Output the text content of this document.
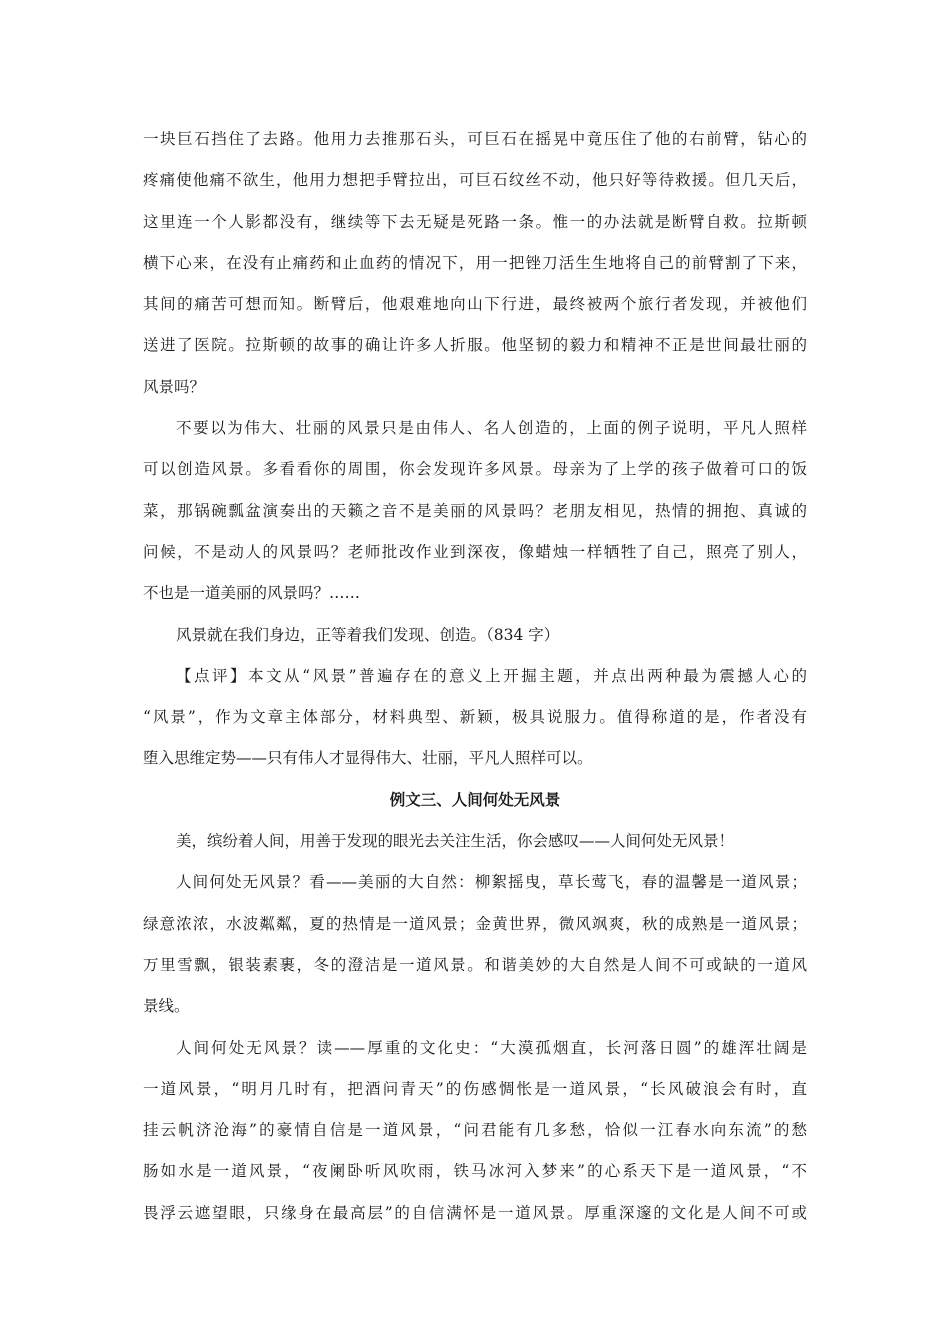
一块巨石挡住了去路。他用力去推那石头，可巨石在摇晃中竟压住了他的右前臂，钻心的
疼痛使他痛不欲生，他用力想把手臂拉出，可巨石纹丝不动，他只好等待救援。但几天后，
这里连一个人影都没有，继续等下去无疑是死路一条。惟一的办法就是断臂自救。拉斯顿
横下心来，在没有止痛药和止血药的情况下，用一把锉刀活生生地将自己的前臂割了下来，
其间的痛苦可想而知。断臂后，他艰难地向山下行进，最终被两个旅行者发现，并被他们
送进了医院。拉斯顿的故事的确让许多人折服。他坚韧的毅力和精神不正是世间最壮丽的
风景吗？
不要以为伟大、壮丽的风景只是由伟人、名人创造的，上面的例子说明，平凡人照样
可以创造风景。多看看你的周围，你会发现许多风景。母亲为了上学的孩子做着可口的饭
菜，那锅碗瓢盆演奏出的天籁之音不是美丽的风景吗？老朋友相见，热情的拥抱、真诚的
问候，不是动人的风景吗？老师批改作业到深夜，像蜡烛一样牺牲了自己，照亮了别人，
不也是一道美丽的风景吗？……
风景就在我们身边，正等着我们发现、创造。（834 字）
【点评】本文从“风景”普遍存在的意义上开掘主题，并点出两种最为震撼人心的
“风景”，作为文章主体部分，材料典型、新颖，极具说服力。值得称道的是，作者没有
堕入思维定势——只有伟人才显得伟大、壮丽，平凡人照样可以。
例文三、人间何处无风景
美，缤纷着人间，用善于发现的眼光去关注生活，你会感叹——人间何处无风景！
人间何处无风景？看——美丽的大自然：柳絮摇曳，草长莺飞，春的温馨是一道风景；
绿意浓浓，水波粼粼，夏的热情是一道风景；金黄世界，微风飒爽，秋的成熟是一道风景；
万里雪飘，银装素裹，冬的澄洁是一道风景。和谐美妙的大自然是人间不可或缺的一道风
景线。
人间何处无风景？读——厚重的文化史：“大漠孤烟直，长河落日圆”的雄浑壮阔是
一道风景，“明月几时有，把酒问青天”的伤感惆怅是一道风景，“长风破浪会有时，直
挂云帆济沧海”的豪情自信是一道风景，“问君能有几多愁，恰似一江春水向东流”的愁
肠如水是一道风景，“夜阑卧听风吹雨，铁马冰河入梦来”的心系天下是一道风景，“不
畏浮云遮望眼，只缘身在最高层”的自信满怀是一道风景。厚重深邃的文化是人间不可或
